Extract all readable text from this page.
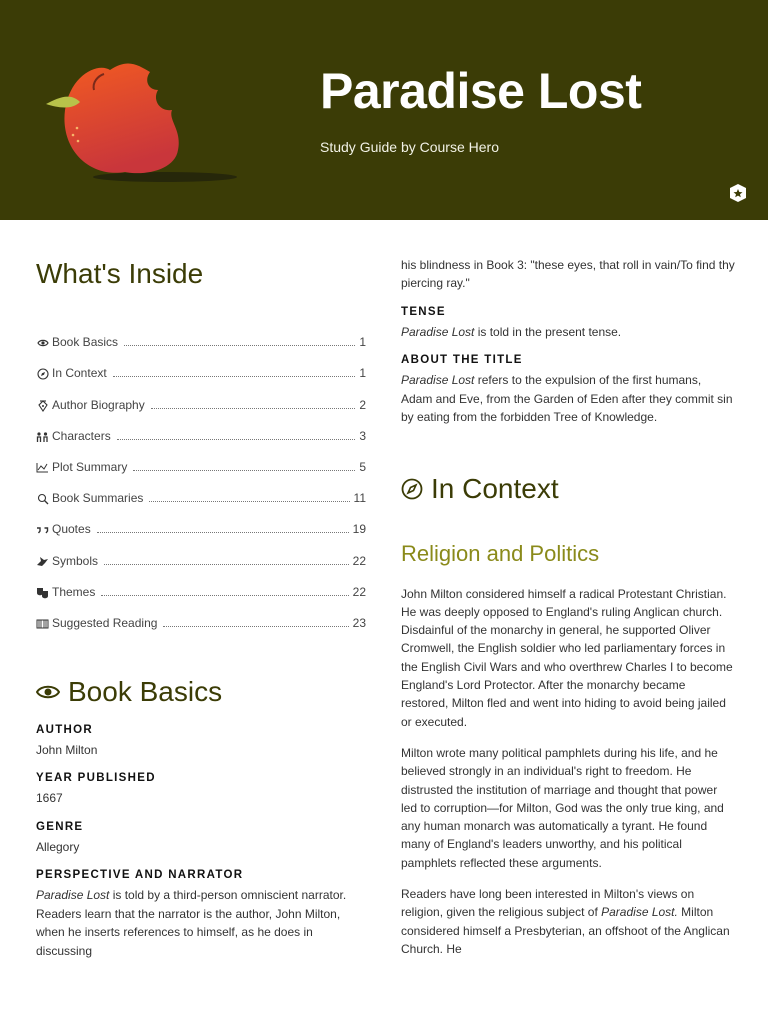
Paradise Lost
Study Guide by Course Hero
What's Inside
Book Basics	1
In Context	1
Author Biography	2
Characters	3
Plot Summary	5
Book Summaries	11
Quotes	19
Symbols	22
Themes	22
Suggested Reading	23
Book Basics
AUTHOR
John Milton
YEAR PUBLISHED
1667
GENRE
Allegory
PERSPECTIVE AND NARRATOR
Paradise Lost is told by a third-person omniscient narrator. Readers learn that the narrator is the author, John Milton, when he inserts references to himself, as he does in discussing

his blindness in Book 3: "these eyes, that roll in vain/To find thy piercing ray."

TENSE
Paradise Lost is told in the present tense.
ABOUT THE TITLE
Paradise Lost refers to the expulsion of the first humans, Adam and Eve, from the Garden of Eden after they commit sin by eating from the forbidden Tree of Knowledge.
In Context
Religion and Politics

John Milton considered himself a radical Protestant Christian. He was deeply opposed to England's ruling Anglican church. Disdainful of the monarchy in general, he supported Oliver Cromwell, the English soldier who led parliamentary forces in the English Civil Wars and who overthrew Charles I to become England's Lord Protector. After the monarchy became restored, Milton fled and went into hiding to avoid being jailed or executed.

Milton wrote many political pamphlets during his life, and he believed strongly in an individual's right to freedom. He distrusted the institution of marriage and thought that power led to corruption—for Milton, God was the only true king, and any human monarch was automatically a tyrant. He found many of England's leaders unworthy, and his political pamphlets reflected these arguments.

Readers have long been interested in Milton's views on religion, given the religious subject of Paradise Lost. Milton considered himself a Presbyterian, an offshoot of the Anglican Church. He
